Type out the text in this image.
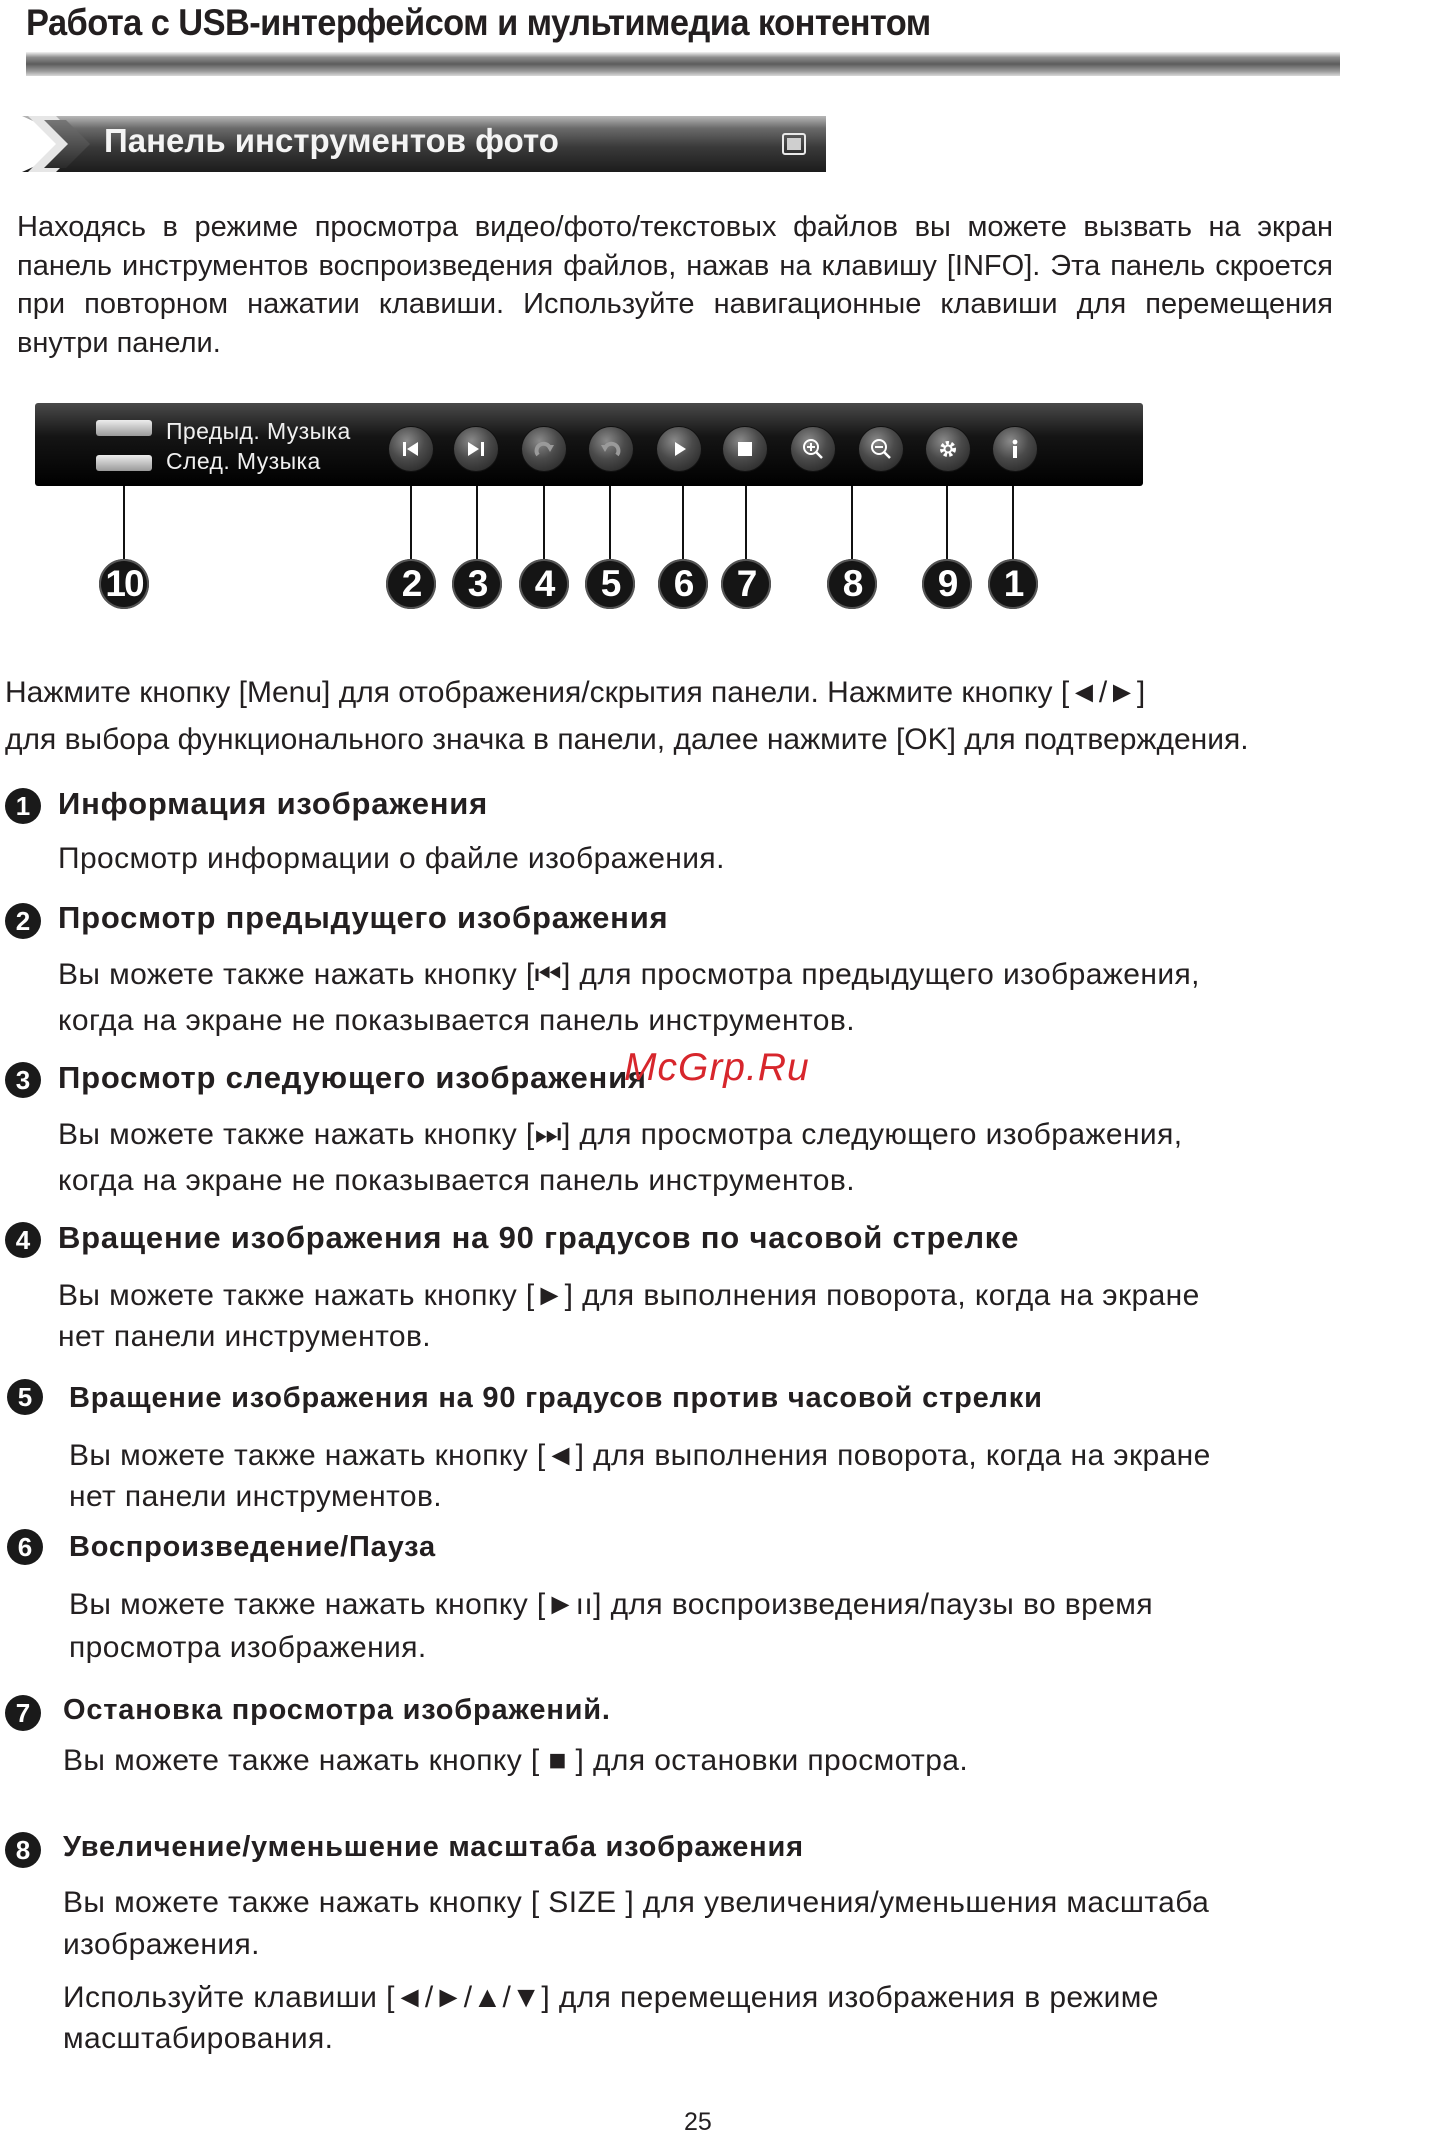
Работа с USB-интерфейсом и мультимедиа контентом
Панель инструментов фото
Находясь в режиме просмотра видео/фото/текстовых файлов вы можете вызвать на экран панель инструментов воспроизведения файлов, нажав на клавишу [INFO]. Эта панель скроется при повторном нажатии клавиши. Используйте навигационные клавиши для перемещения внутри панели.
Предыд. Музыка
След. Музыка
10	2	3	4	5	6	7	8	9	1
Нажмите кнопку [Menu] для отображения/скрытия панели. Нажмите кнопку [◄/►]
для выбора функционального значка в панели, далее нажмите [OK] для подтверждения.
1 Информация изображения
Просмотр информации о файле изображения.
2 Просмотр предыдущего изображения
Вы можете также нажать кнопку [⏮] для просмотра предыдущего изображения,
когда на экране не показывается панель инструментов.
3 Просмотр следующего изображения
Вы можете также нажать кнопку [⏭] для просмотра следующего изображения,
когда на экране не показывается панель инструментов.
4 Вращение изображения на 90 градусов по часовой стрелке
Вы можете также нажать кнопку [►] для выполнения поворота, когда на экране
нет панели инструментов.
5	Вращение изображения на 90 градусов против часовой стрелки
Вы можете также нажать кнопку [◄] для выполнения поворота, когда на экране
нет панели инструментов.
6	Воспроизведение/Пауза
Вы можете также нажать кнопку [►ıı] для воспроизведения/паузы во время
просмотра изображения.
7	Остановка просмотра изображений.
Вы можете также нажать кнопку [ ■ ] для остановки просмотра.
8	Увеличение/уменьшение масштаба изображения
Вы можете также нажать кнопку [ SIZE ] для увеличения/уменьшения масштаба
изображения.
Используйте клавиши [◄/►/▲/▼] для перемещения изображения в режиме
масштабирования.
McGrp.Ru
25
